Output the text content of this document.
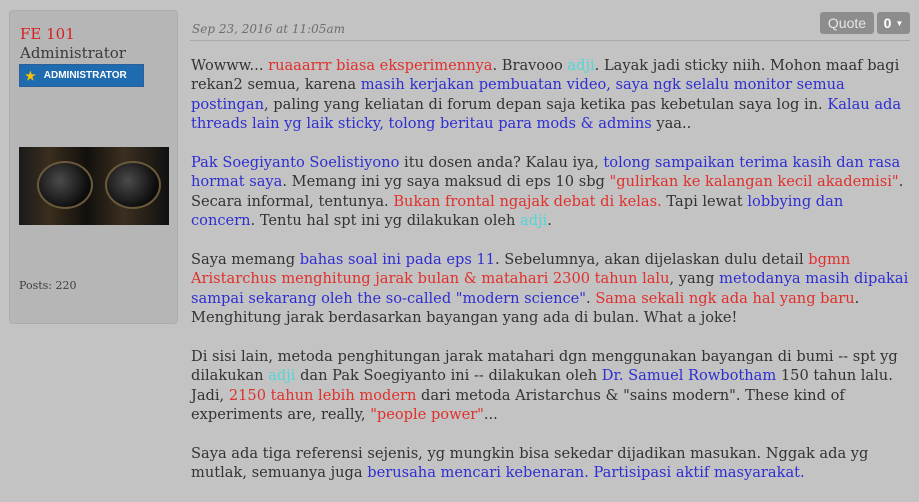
FE 101
Administrator
★ ADMINISTRATOR
Posts: 220
Sep 23, 2016 at 11:05am	Quote	0 ▼

Wowww... ruaaarrr biasa eksperimennya. Bravooo adji. Layak jadi sticky niih. Mohon maaf bagi rekan2 semua, karena masih kerjakan pembuatan video, saya ngk selalu monitor semua postingan, paling yang keliatan di forum depan saja ketika pas kebetulan saya log in. Kalau ada threads lain yg laik sticky, tolong beritau para mods & admins yaa..

Pak Soegiyanto Soelistiyono itu dosen anda? Kalau iya, tolong sampaikan terima kasih dan rasa hormat saya. Memang ini yg saya maksud di eps 10 sbg "gulirkan ke kalangan kecil akademisi". Secara informal, tentunya. Bukan frontal ngajak debat di kelas. Tapi lewat lobbying dan concern. Tentu hal spt ini yg dilakukan oleh adji.

Saya memang bahas soal ini pada eps 11. Sebelumnya, akan dijelaskan dulu detail bgmn Aristarchus menghitung jarak bulan & matahari 2300 tahun lalu, yang metodanya masih dipakai sampai sekarang oleh the so-called "modern science". Sama sekali ngk ada hal yang baru. Menghitung jarak berdasarkan bayangan yang ada di bulan. What a joke!

Di sisi lain, metoda penghitungan jarak matahari dgn menggunakan bayangan di bumi -- spt yg dilakukan adji dan Pak Soegiyanto ini -- dilakukan oleh Dr. Samuel Rowbotham 150 tahun lalu. Jadi, 2150 tahun lebih modern dari metoda Aristarchus & "sains modern". These kind of experiments are, really, "people power"...

Saya ada tiga referensi sejenis, yg mungkin bisa sekedar dijadikan masukan. Nggak ada yg mutlak, semuanya juga berusaha mencari kebenaran. Partisipasi aktif masyarakat.
